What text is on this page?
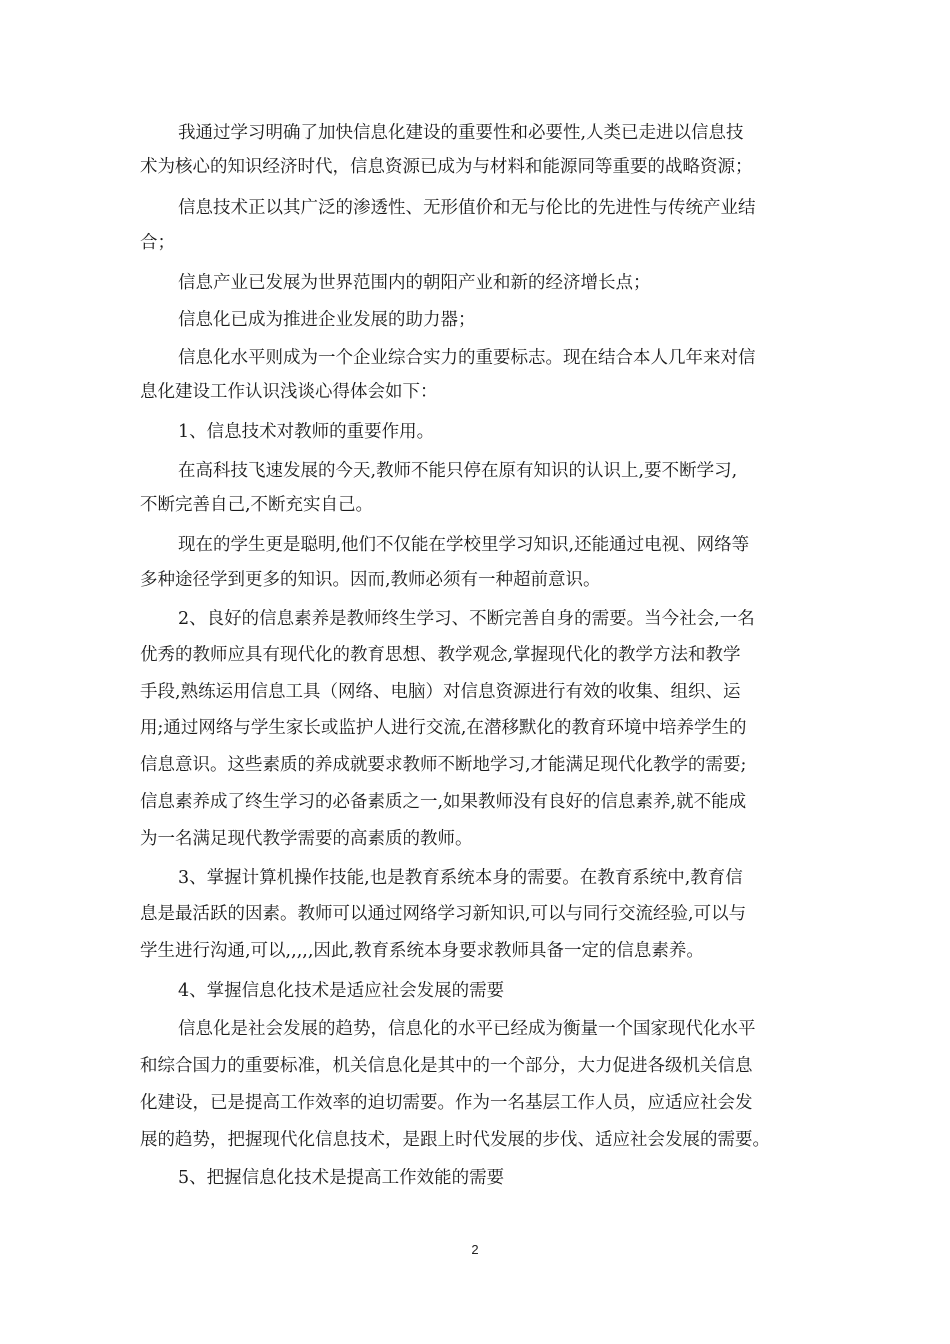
我通过学习明确了加快信息化建设的重要性和必要性,人类已走进以信息技
术为核心的知识经济时代，信息资源已成为与材料和能源同等重要的战略资源；
信息技术正以其广泛的渗透性、无形值价和无与伦比的先进性与传统产业结
合；
信息产业已发展为世界范围内的朝阳产业和新的经济增长点；
信息化已成为推进企业发展的助力器；
信息化水平则成为一个企业综合实力的重要标志。现在结合本人几年来对信
息化建设工作认识浅谈心得体会如下：
1、信息技术对教师的重要作用。
在高科技飞速发展的今天,教师不能只停在原有知识的认识上,要不断学习,
不断完善自己,不断充实自己。
现在的学生更是聪明,他们不仅能在学校里学习知识,还能通过电视、网络等
多种途径学到更多的知识。因而,教师必须有一种超前意识。
2、良好的信息素养是教师终生学习、不断完善自身的需要。当今社会,一名
优秀的教师应具有现代化的教育思想、教学观念,掌握现代化的教学方法和教学
手段,熟练运用信息工具（网络、电脑）对信息资源进行有效的收集、组织、运
用;通过网络与学生家长或监护人进行交流,在潜移默化的教育环境中培养学生的
信息意识。这些素质的养成就要求教师不断地学习,才能满足现代化教学的需要;
信息素养成了终生学习的必备素质之一,如果教师没有良好的信息素养,就不能成
为一名满足现代教学需要的高素质的教师。
3、掌握计算机操作技能,也是教育系统本身的需要。在教育系统中,教育信
息是最活跃的因素。教师可以通过网络学习新知识,可以与同行交流经验,可以与
学生进行沟通,可以,,,,,因此,教育系统本身要求教师具备一定的信息素养。
4、掌握信息化技术是适应社会发展的需要
信息化是社会发展的趋势，信息化的水平已经成为衡量一个国家现代化水平
和综合国力的重要标准，机关信息化是其中的一个部分，大力促进各级机关信息
化建设，已是提高工作效率的迫切需要。作为一名基层工作人员，应适应社会发
展的趋势，把握现代化信息技术，是跟上时代发展的步伐、适应社会发展的需要。
5、把握信息化技术是提高工作效能的需要
2
